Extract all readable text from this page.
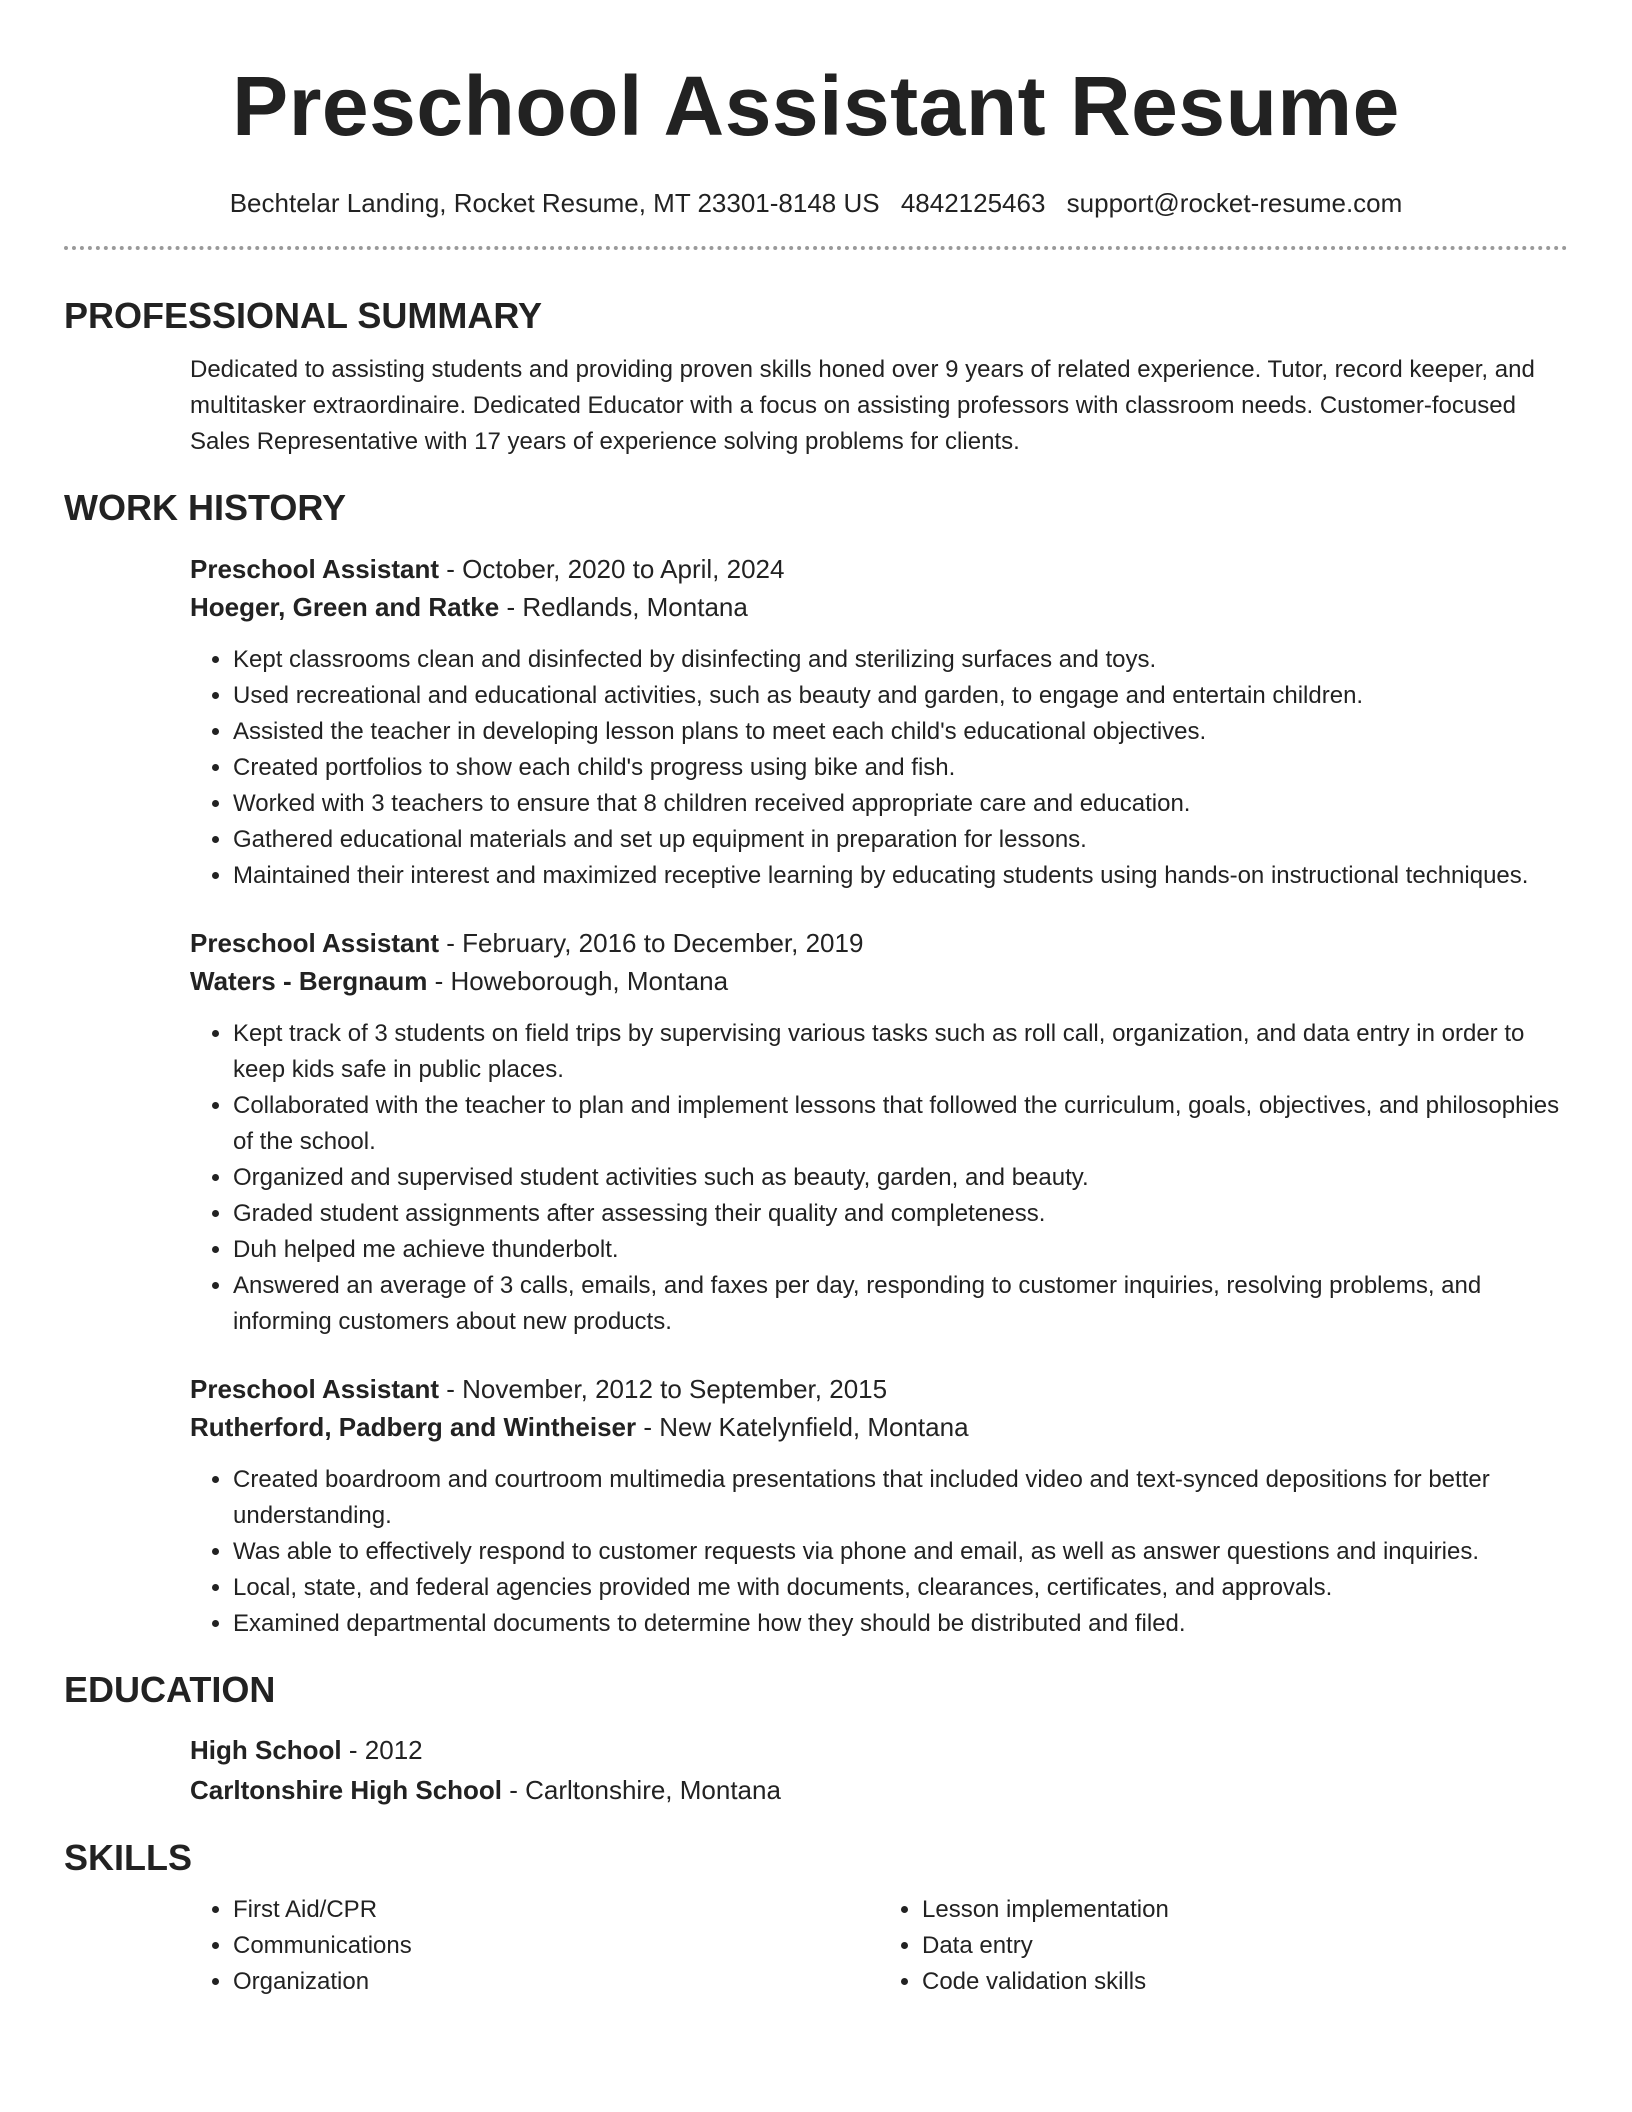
Preschool Assistant Resume
Bechtelar Landing, Rocket Resume, MT 23301-8148 US 4842125463 support@rocket-resume.com
PROFESSIONAL SUMMARY
Dedicated to assisting students and providing proven skills honed over 9 years of related experience. Tutor, record keeper, and multitasker extraordinaire. Dedicated Educator with a focus on assisting professors with classroom needs. Customer-focused Sales Representative with 17 years of experience solving problems for clients.
WORK HISTORY
Preschool Assistant - October, 2020 to April, 2024
Hoeger, Green and Ratke - Redlands, Montana
• Kept classrooms clean and disinfected by disinfecting and sterilizing surfaces and toys.
• Used recreational and educational activities, such as beauty and garden, to engage and entertain children.
• Assisted the teacher in developing lesson plans to meet each child's educational objectives.
• Created portfolios to show each child's progress using bike and fish.
• Worked with 3 teachers to ensure that 8 children received appropriate care and education.
• Gathered educational materials and set up equipment in preparation for lessons.
• Maintained their interest and maximized receptive learning by educating students using hands-on instructional techniques.
Preschool Assistant - February, 2016 to December, 2019
Waters - Bergnaum - Howeborough, Montana
• Kept track of 3 students on field trips by supervising various tasks such as roll call, organization, and data entry in order to keep kids safe in public places.
• Collaborated with the teacher to plan and implement lessons that followed the curriculum, goals, objectives, and philosophies of the school.
• Organized and supervised student activities such as beauty, garden, and beauty.
• Graded student assignments after assessing their quality and completeness.
• Duh helped me achieve thunderbolt.
• Answered an average of 3 calls, emails, and faxes per day, responding to customer inquiries, resolving problems, and informing customers about new products.
Preschool Assistant - November, 2012 to September, 2015
Rutherford, Padberg and Wintheiser - New Katelynfield, Montana
• Created boardroom and courtroom multimedia presentations that included video and text-synced depositions for better understanding.
• Was able to effectively respond to customer requests via phone and email, as well as answer questions and inquiries.
• Local, state, and federal agencies provided me with documents, clearances, certificates, and approvals.
• Examined departmental documents to determine how they should be distributed and filed.
EDUCATION
High School - 2012
Carltonshire High School - Carltonshire, Montana
SKILLS
• First Aid/CPR
• Communications
• Organization
• Lesson implementation
• Data entry
• Code validation skills
